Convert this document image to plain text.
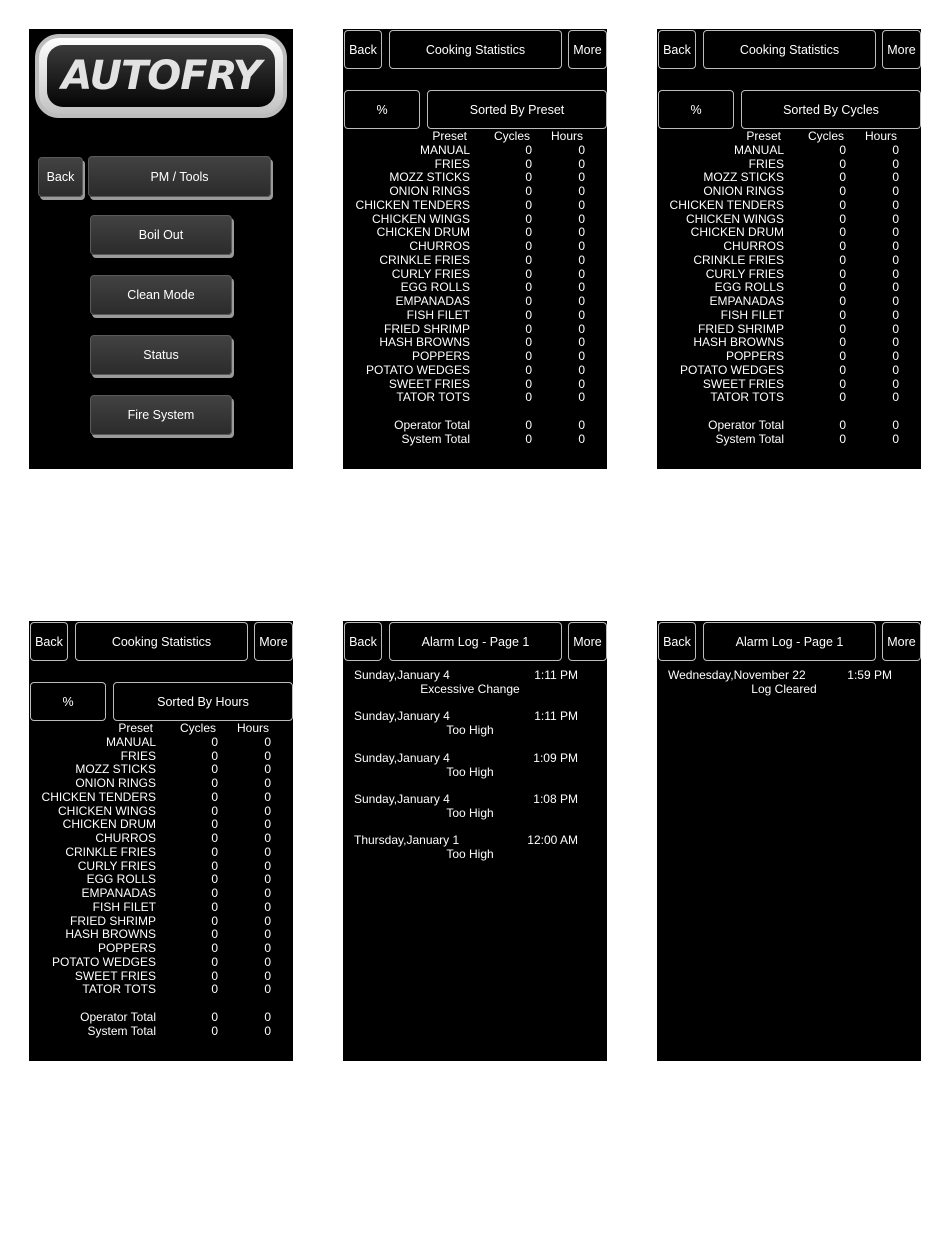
AUTOFRY
Back	PM / Tools
Boil Out
Clean Mode
Status
Fire System
Back	Cooking Statistics	More
%	Sorted By Preset
Preset Cycles Hours
MANUAL	0	0
FRIES	0	0
MOZZ STICKS	0	0
ONION RINGS	0	0
CHICKEN TENDERS	0	0
CHICKEN WINGS	0	0
CHICKEN DRUM	0	0
CHURROS	0	0
CRINKLE FRIES	0	0
CURLY FRIES	0	0
EGG ROLLS	0	0
EMPANADAS	0	0
FISH FILET	0	0
FRIED SHRIMP	0	0
HASH BROWNS	0	0
POPPERS	0	0
POTATO WEDGES	0	0
SWEET FRIES	0	0
TATOR TOTS	0	0
Operator Total	0	0
System Total	0	0
Back	Cooking Statistics	More
%	Sorted By Cycles
Preset Cycles Hours
MANUAL	0	0
FRIES	0	0
MOZZ STICKS	0	0
ONION RINGS	0	0
CHICKEN TENDERS	0	0
CHICKEN WINGS	0	0
CHICKEN DRUM	0	0
CHURROS	0	0
CRINKLE FRIES	0	0
CURLY FRIES	0	0
EGG ROLLS	0	0
EMPANADAS	0	0
FISH FILET	0	0
FRIED SHRIMP	0	0
HASH BROWNS	0	0
POPPERS	0	0
POTATO WEDGES	0	0
SWEET FRIES	0	0
TATOR TOTS	0	0
Operator Total	0	0
System Total	0	0
Back	Cooking Statistics	More
%	Sorted By Hours
Preset Cycles Hours
MANUAL	0	0
FRIES	0	0
MOZZ STICKS	0	0
ONION RINGS	0	0
CHICKEN TENDERS	0	0
CHICKEN WINGS	0	0
CHICKEN DRUM	0	0
CHURROS	0	0
CRINKLE FRIES	0	0
CURLY FRIES	0	0
EGG ROLLS	0	0
EMPANADAS	0	0
FISH FILET	0	0
FRIED SHRIMP	0	0
HASH BROWNS	0	0
POPPERS	0	0
POTATO WEDGES	0	0
SWEET FRIES	0	0
TATOR TOTS	0	0
Operator Total	0	0
System Total	0	0
Back	Alarm Log - Page 1	More
Sunday,January 4	1:11 PM
Excessive Change
Sunday,January 4	1:11 PM
Too High
Sunday,January 4	1:09 PM
Too High
Sunday,January 4	1:08 PM
Too High
Thursday,January 1	12:00 AM
Too High
Back	Alarm Log - Page 1	More
Wednesday,November 22	1:59 PM
Log Cleared
